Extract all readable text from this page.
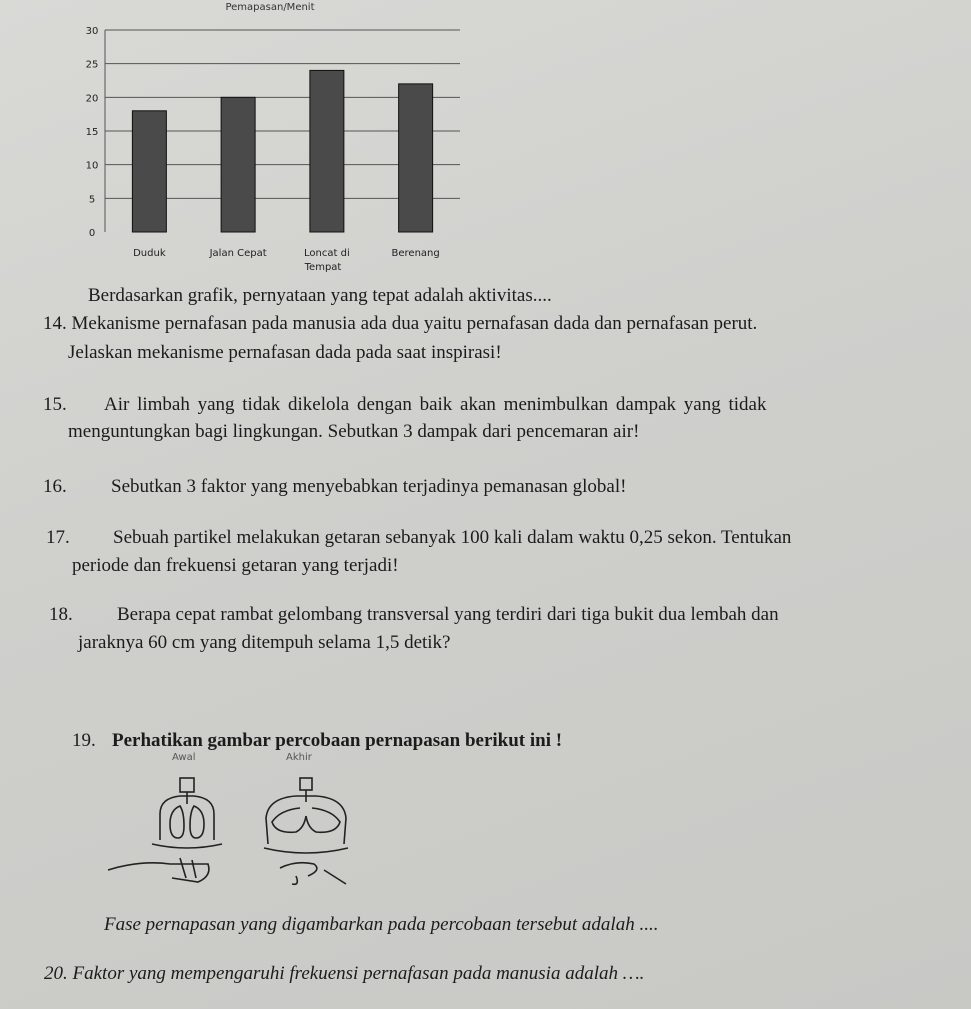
Pemapasan/Menit
0
5
10
15
20
25
30
Duduk	Jalan Cepat	Loncat di	Berenang
Tempat
Berdasarkan grafik, pernyataan yang tepat adalah aktivitas....
14. Mekanisme pernafasan pada manusia ada dua yaitu pernafasan dada dan pernafasan perut.
Jelaskan mekanisme pernafasan dada pada saat inspirasi!
15. Air limbah yang tidak dikelola dengan baik akan menimbulkan dampak yang tidak
menguntungkan bagi lingkungan. Sebutkan 3 dampak dari pencemaran air!
16. Sebutkan 3 faktor yang menyebabkan terjadinya pemanasan global!
17. Sebuah partikel melakukan getaran sebanyak 100 kali dalam waktu 0,25 sekon. Tentukan
periode dan frekuensi getaran yang terjadi!
18. Berapa cepat rambat gelombang transversal yang terdiri dari tiga bukit dua lembah dan
jaraknya 60 cm yang ditempuh selama 1,5 detik?
19. Perhatikan gambar percobaan pernapasan berikut ini !
Awal	Akhir
Fase pernapasan yang digambarkan pada percobaan tersebut adalah ....
20. Faktor yang mempengaruhi frekuensi pernafasan pada manusia adalah ….
